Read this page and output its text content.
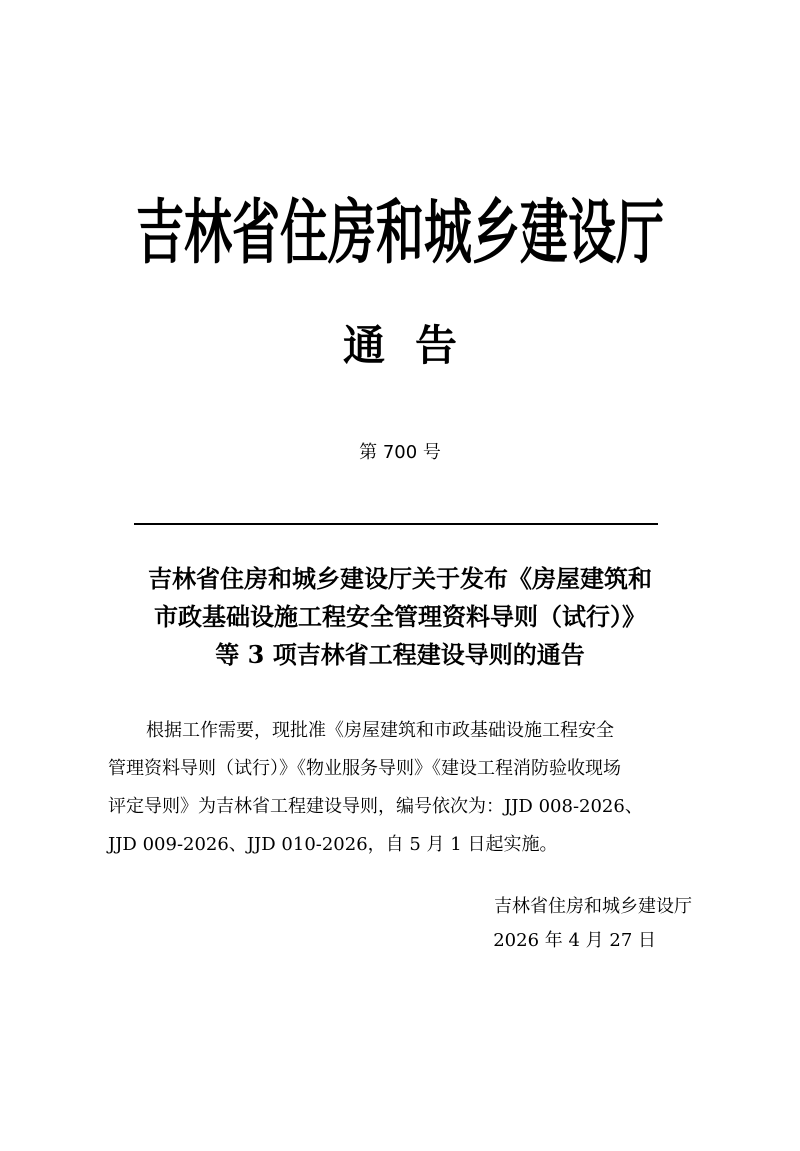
吉林省住房和城乡建设厅
通告
第 700 号
吉林省住房和城乡建设厅关于发布《房屋建筑和
市政基础设施工程安全管理资料导则（试行）》
等 3 项吉林省工程建设导则的通告
根据工作需要，现批准《房屋建筑和市政基础设施工程安全
管理资料导则（试行）》《物业服务导则》《建设工程消防验收现场
评定导则》为吉林省工程建设导则，编号依次为：JJD 008-2026、
JJD 009-2026、JJD 010-2026，自 5 月 1 日起实施。
吉林省住房和城乡建设厅
2026 年 4 月 27 日
